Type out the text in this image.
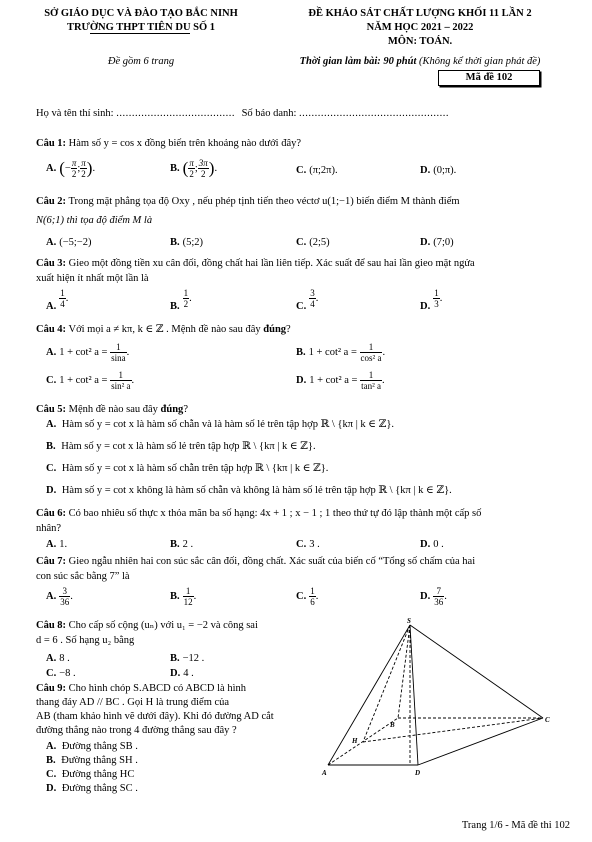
SỞ GIÁO DỤC VÀ ĐÀO TẠO BẮC NINH
TRƯỜNG THPT TIÊN DU SỐ 1
Đề gồm 6 trang
ĐỀ KHẢO SÁT CHẤT LƯỢNG KHỐI 11 LẦN 2
NĂM HỌC 2021 – 2022
MÔN: TOÁN.
Thời gian làm bài: 90 phút (Không kể thời gian phát đề)
Mã đề 102
Họ và tên thí sinh: ...................................... Số báo danh: ................................................
Câu 1: Hàm số y = cos x đồng biến trên khoảng nào dưới đây?
A. (− $\frac{\pi}{2}$ ; $\frac{\pi}{2}$ ).	B. ( $\frac{\pi}{2}$ ; $\frac{3\pi}{2}$ ).	C. (π;2π).	D. (0;π).
Câu 2: Trong mặt phẳng tọa độ Oxy , nếu phép tịnh tiến theo véctơ u(1;−1) biến điểm M thành điểm
N(6;1) thì tọa độ điểm M là
A. (−5;−2)	B. (5;2)	C. (2;5)	D. (7;0)
Câu 3: Gieo một đồng tiền xu cân đối, đồng chất hai lần liên tiếp. Xác suất để sau hai lần gieo mặt ngửa
xuất hiện ít nhất một lần là
A. $\frac{1}{4}$ .
B. $\frac{1}{2}$ .
C. $\frac{3}{4}$ .
D. $\frac{1}{3}$ .
Câu 4: Với mọi a ≠ kπ, k ∈ ℤ . Mệnh đề nào sau đây đúng?
A. 1 + cot² $a = \frac{1}{\sin a}$ .	B. 1 + cot² $a = \frac{1}{\text{cos² a}}$ .
C. 1 + cot² $a = \frac{1}{\text{sin² a}}$ .	D. 1 + cot² $a = \frac{1}{\text{tan² a}}$ .
Câu 5: Mệnh đề nào sau đây đúng?
A. Hàm số y = cot x là hàm số chẵn và là hàm số lẻ trên tập hợp ℝ \ {kπ | k ∈ ℤ}.
B. Hàm số y = cot x là hàm số lẻ trên tập hợp ℝ \ {kπ | k ∈ ℤ}.
C. Hàm số y = cot x là hàm số chẵn trên tập hợp ℝ \ {kπ | k ∈ ℤ}.
D. Hàm số y = cot x không là hàm số chẵn và không là hàm số lẻ trên tập hợp ℝ \ {kπ | k ∈ ℤ}.
Câu 6: Có bao nhiêu số thực x thỏa mãn ba số hạng: 4x + 1 ; x − 1 ; 1 theo thứ tự đó lập thành một cấp số
nhân?
A. 1.	B. 2 .	C. 3 .	D. 0 .
Câu 7: Gieo ngẫu nhiên hai con súc sắc cân đối, đồng chất. Xác suất của biến cố “Tổng số chấm của hai
con súc sắc bằng 7” là
A. $\frac{3}{36}$ .	B. $\frac{1}{12}$ .	C. $\frac{1}{6}$ .	D. $\frac{7}{36}$ .
Câu 8: Cho cấp số cộng (uₙ) với u₁ = −2 và công sai
d = 6 . Số hạng u₂ bằng
A. 8 .	B. −12 .
C. −8 .	D. 4 .
Câu 9: Cho hình chóp S.ABCD có ABCD là hình
thang đáy AD // BC . Gọi H là trung điểm của
AB (tham khảo hình vẽ dưới đây). Khi đó đường AD cắt
đường thẳng nào trong 4 đường thẳng sau đây ?
A. Đường thẳng SB .
B. Đường thẳng SH .
C. Đường thẳng HC
D. Đường thẳng SC .
S
A
B
C
D
H
Trang 1/6 - Mã đề thi 102
